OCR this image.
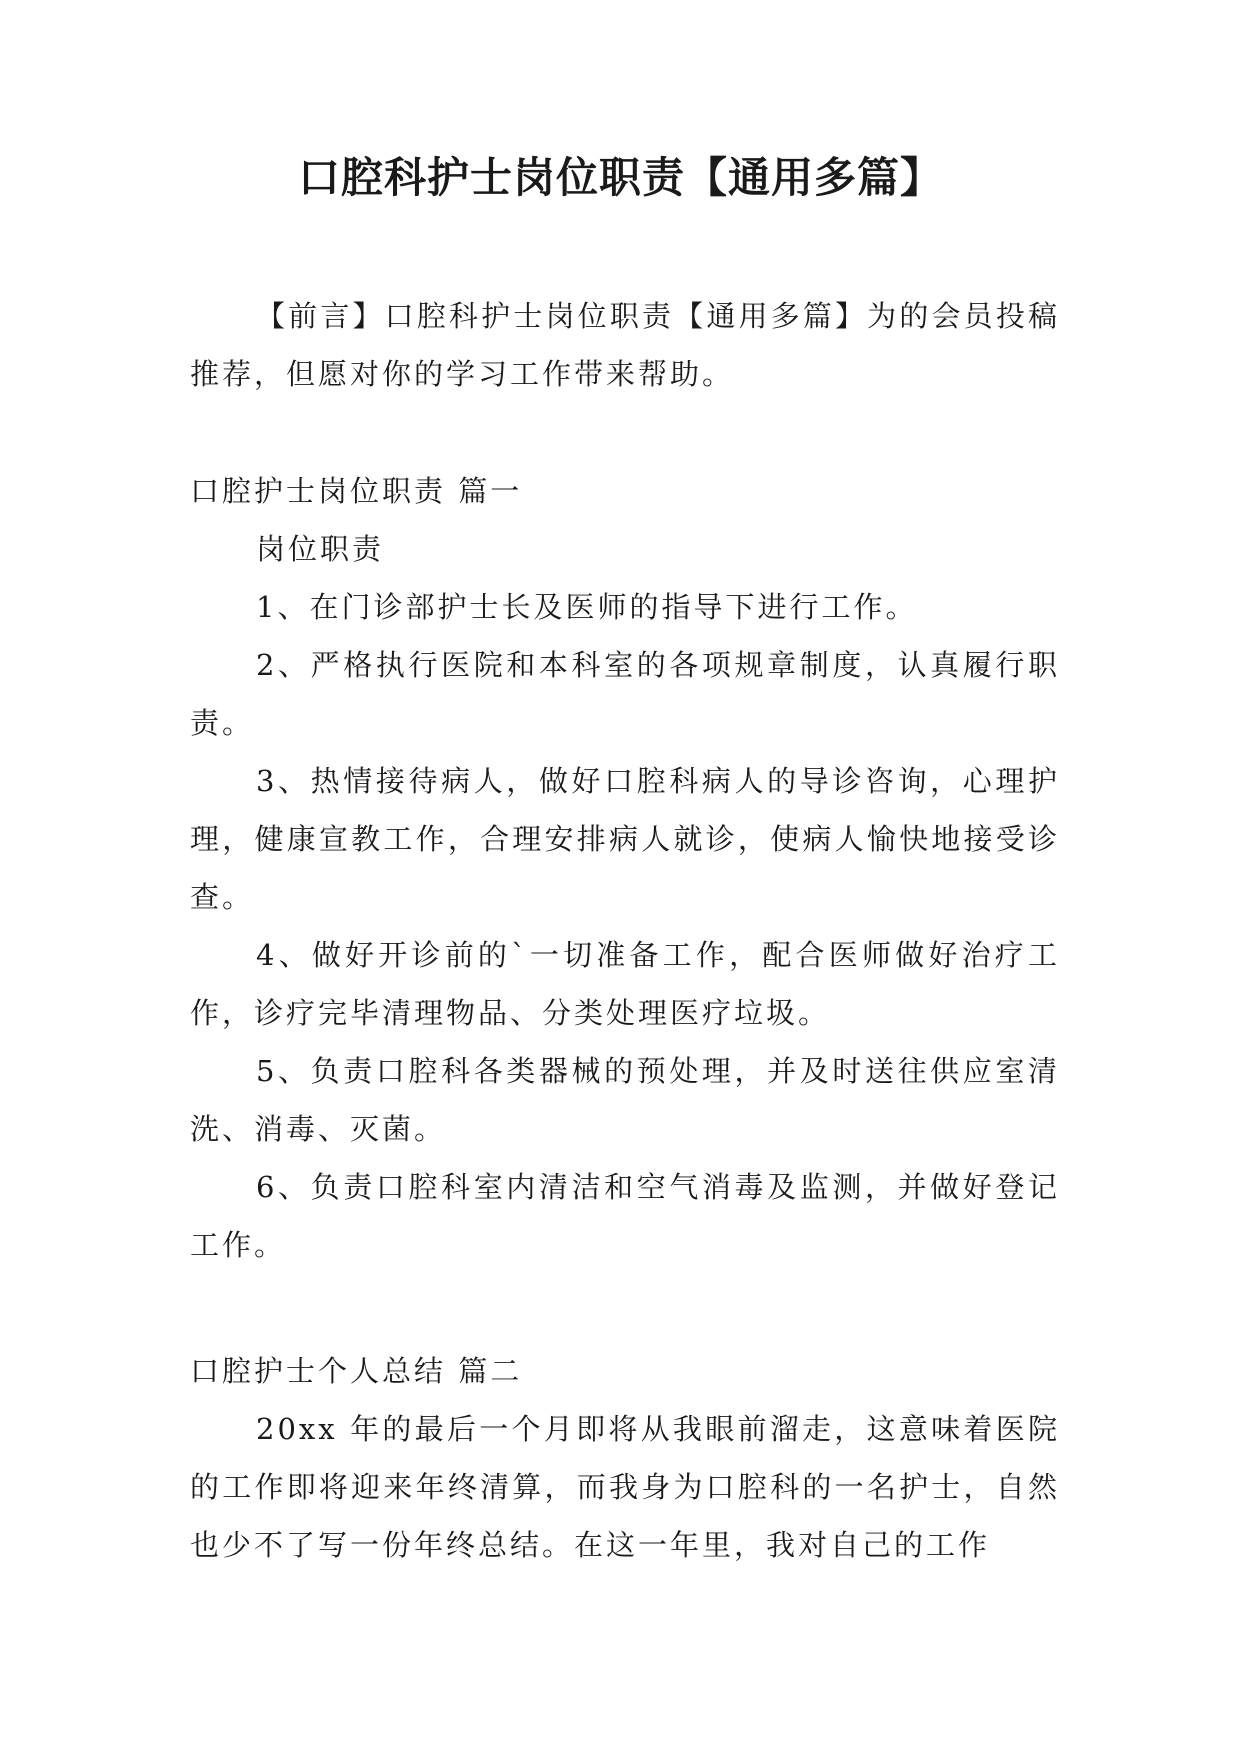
口腔科护士岗位职责【通用多篇】

【前言】口腔科护士岗位职责【通用多篇】为的会员投稿推荐，但愿对你的学习工作带来帮助。

口腔护士岗位职责 篇一

岗位职责

1、在门诊部护士长及医师的指导下进行工作。

2、严格执行医院和本科室的各项规章制度，认真履行职责。

3、热情接待病人，做好口腔科病人的导诊咨询，心理护理，健康宣教工作，合理安排病人就诊，使病人愉快地接受诊查。

4、做好开诊前的`一切准备工作，配合医师做好治疗工作，诊疗完毕清理物品、分类处理医疗垃圾。

5、负责口腔科各类器械的预处理，并及时送往供应室清洗、消毒、灭菌。

6、负责口腔科室内清洁和空气消毒及监测，并做好登记工作。

口腔护士个人总结 篇二

20xx 年的最后一个月即将从我眼前溜走，这意味着医院的工作即将迎来年终清算，而我身为口腔科的一名护士，自然也少不了写一份年终总结。在这一年里，我对自己的工作
